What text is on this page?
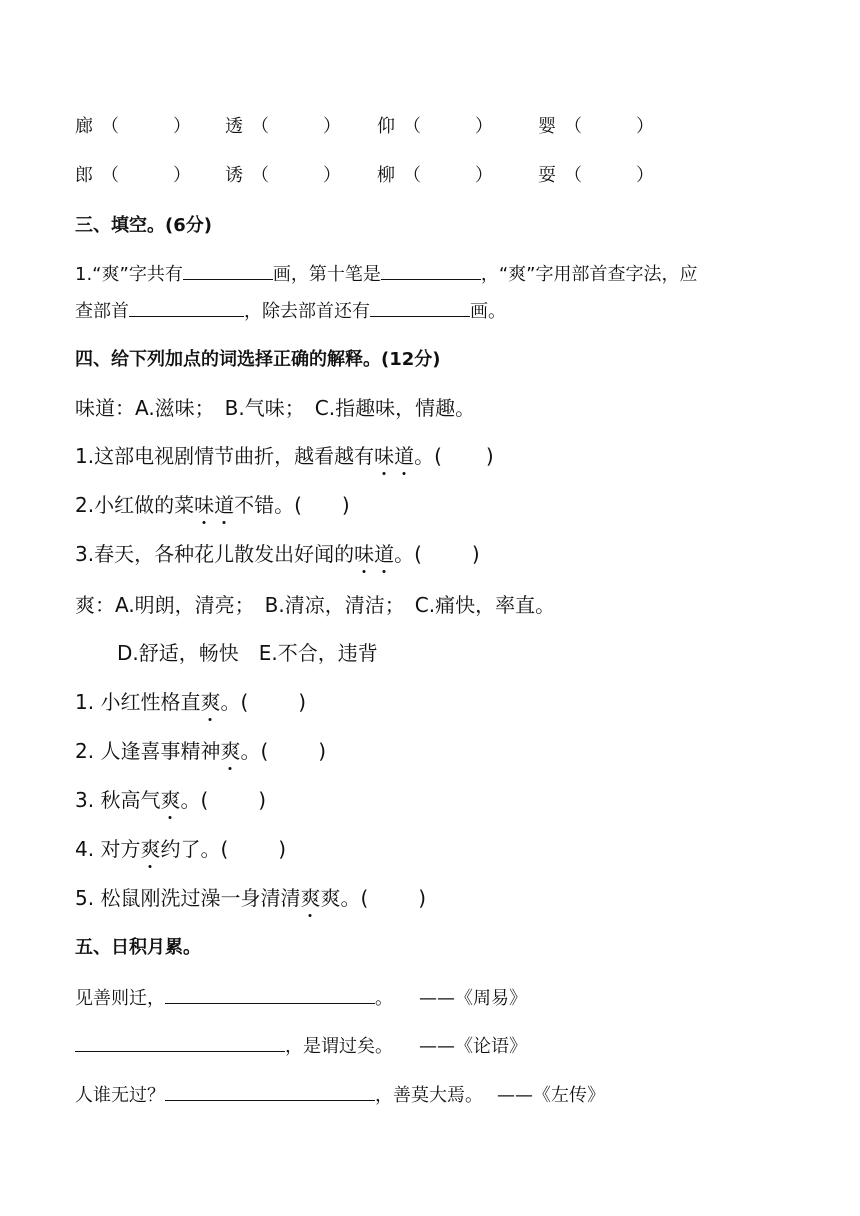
廊 （	） 透 （	） 仰 （	）	婴 （	）
郎 （	） 诱 （	） 柳 （	）	耍 （	）
三、填空。(6分)
1.“爽”字共有	画，第十笔是	，“爽”字用部首查字法，应
查部首	，除去部首还有	画。
四、给下列加点的词选择正确的解释。(12分)
味道：A.滋味；　B.气味；　C.指趣味，情趣。
1.这部电视剧情节曲折，越看越有味道。( )
2.小红做的菜味道不错。( )
3.春天，各种花儿散发出好闻的味道。(	)
爽：A.明朗，清亮；　B.清凉，清洁；　C.痛快，率直。
D.舒适，畅快　E.不合，违背
1. 小红性格直爽。(	)
2. 人逢喜事精神爽。(	)
3. 秋高气爽。(	)
4. 对方爽约了。(	)
5. 松鼠刚洗过澡一身清清爽爽。(	)
五、日积月累。
见善则迁，	。 ——《周易》
，是谓过矣。 ——《论语》
人谁无过？	，善莫大焉。 ——《左传》
